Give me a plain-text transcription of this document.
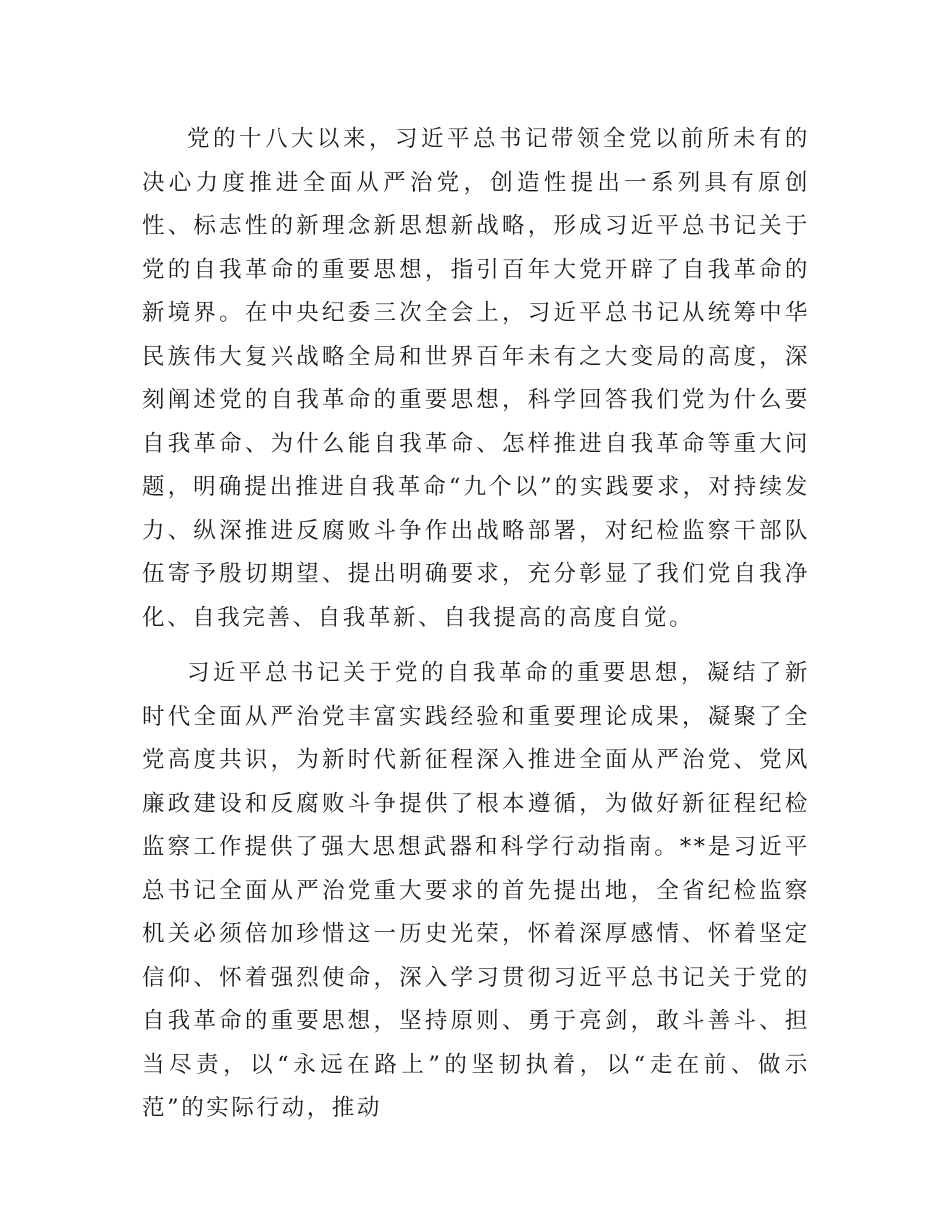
党的十八大以来，习近平总书记带领全党以前所未有的决心力度推进全面从严治党，创造性提出一系列具有原创性、标志性的新理念新思想新战略，形成习近平总书记关于党的自我革命的重要思想，指引百年大党开辟了自我革命的新境界。在中央纪委三次全会上，习近平总书记从统筹中华民族伟大复兴战略全局和世界百年未有之大变局的高度，深刻阐述党的自我革命的重要思想，科学回答我们党为什么要自我革命、为什么能自我革命、怎样推进自我革命等重大问题，明确提出推进自我革命“九个以”的实践要求，对持续发力、纵深推进反腐败斗争作出战略部署，对纪检监察干部队伍寄予殷切期望、提出明确要求，充分彰显了我们党自我净化、自我完善、自我革新、自我提高的高度自觉。

习近平总书记关于党的自我革命的重要思想，凝结了新时代全面从严治党丰富实践经验和重要理论成果，凝聚了全党高度共识，为新时代新征程深入推进全面从严治党、党风廉政建设和反腐败斗争提供了根本遵循，为做好新征程纪检监察工作提供了强大思想武器和科学行动指南。**是习近平总书记全面从严治党重大要求的首先提出地，全省纪检监察机关必须倍加珍惜这一历史光荣，怀着深厚感情、怀着坚定信仰、怀着强烈使命，深入学习贯彻习近平总书记关于党的自我革命的重要思想，坚持原则、勇于亮剑，敢斗善斗、担当尽责，以“永远在路上”的坚韧执着，以“走在前、做示范”的实际行动，推动
